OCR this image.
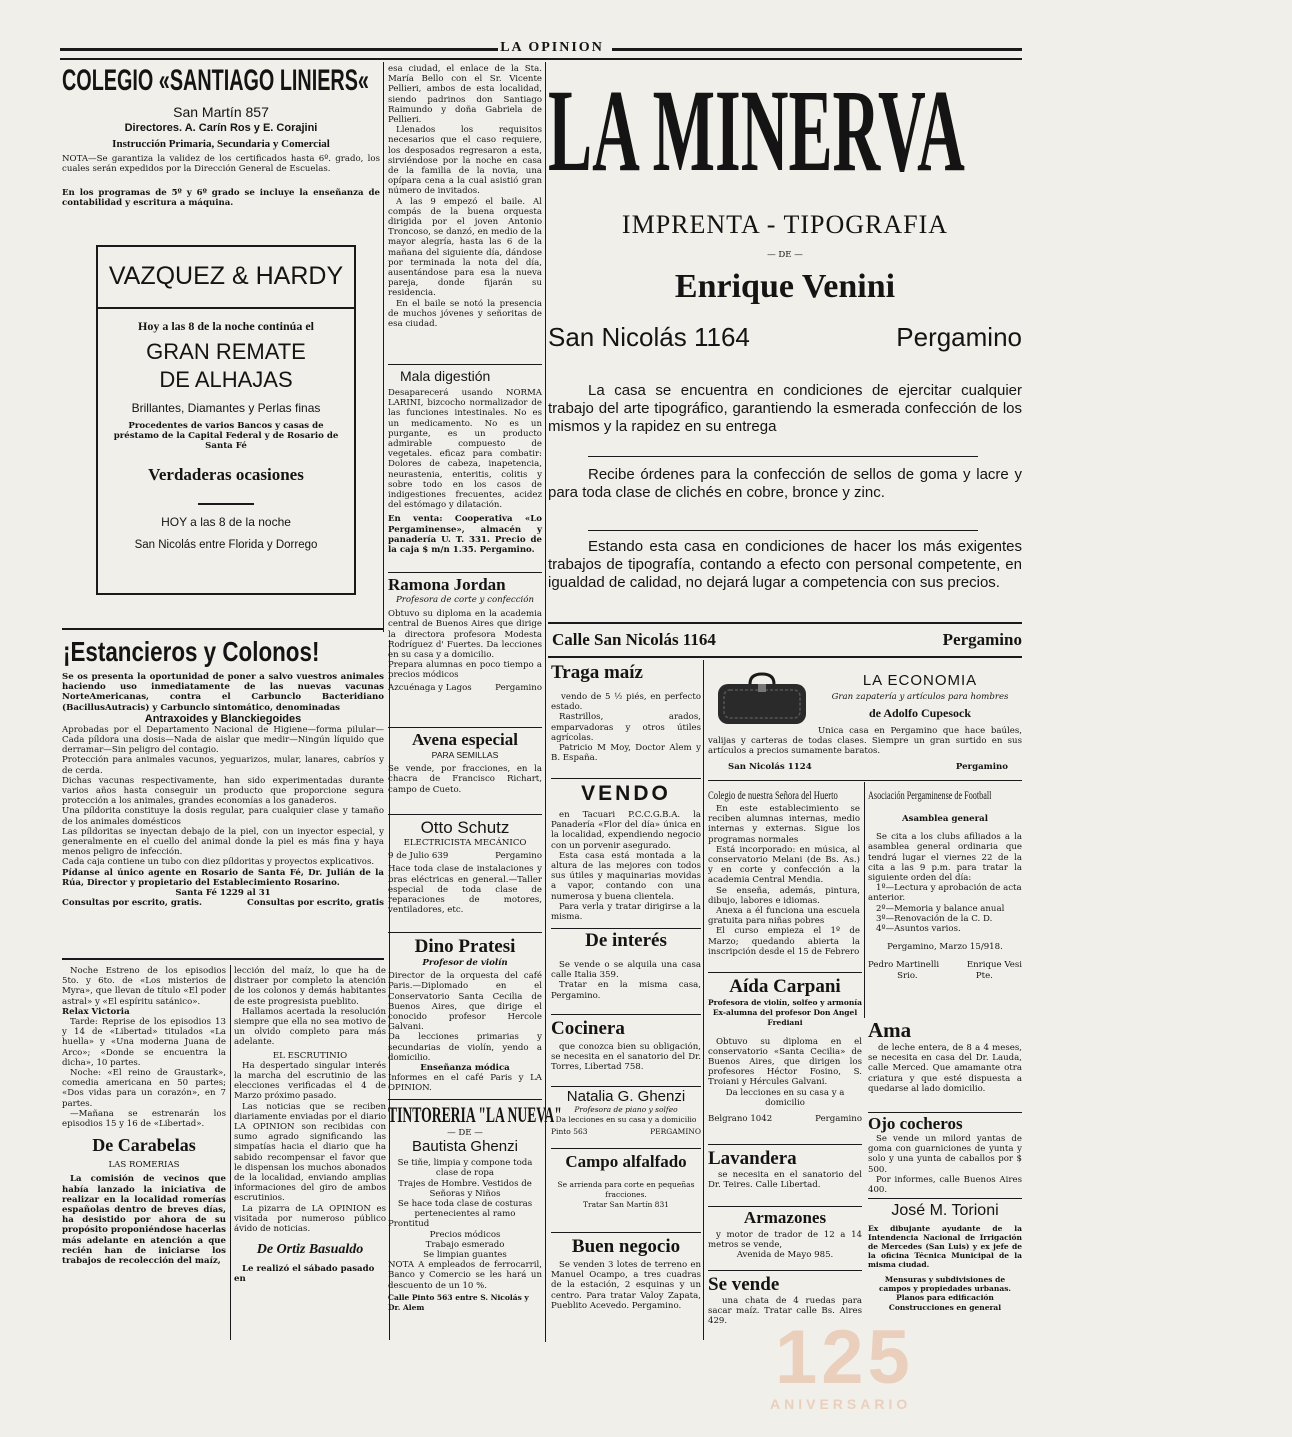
LA OPINION
COLEGIO «SANTIAGO LINIERS«
San Martín 857
Directores. A. Carín Ros y E. Corajini
Instrucción Primaria, Secundaria y Comercial
NOTA—Se garantiza la validez de los certificados hasta 6º. grado, los cuales serán expedidos por la Dirección General de Escuelas.
En los programas de 5º y 6º grado se incluye la enseñanza de contabilidad y escritura a máquina.
VAZQUEZ & HARDY
Hoy a las 8 de la noche continúa el
GRAN REMATE
DE ALHAJAS
Brillantes, Diamantes y Perlas finas
Procedentes de varios Bancos y casas de préstamo de la Capital Federal y de Rosario de Santa Fé
Verdaderas ocasiones
HOY a las 8 de la noche
San Nicolás entre Florida y Dorrego

esa ciudad, el enlace de la Sta. María Bello con el Sr. Vicente Pellieri, ambos de esta localidad, siendo padrinos don Santiago Raimundo y doña Gabriela de Pellieri.

Llenados los requisitos necesarios que el caso requiere, los desposados regresaron a esta, sirviéndose por la noche en casa de la familia de la novia, una opípara cena a la cual asistió gran número de invitados.

A las 9 empezó el baile. Al compás de la buena orquesta dirigida por el joven Antonio Troncoso, se danzó, en medio de la mayor alegría, hasta las 6 de la mañana del siguiente día, dándose por terminada la nota del día, ausentándose para esa la nueva pareja, donde fijarán su residencia.

En el baile se notó la presencia de muchos jóvenes y señoritas de esa ciudad.

Mala digestión

Desaparecerá usando NORMA LARINI, bizcocho normalizador de las funciones intestinales. No es un medicamento. No es un purgante, es un producto admirable compuesto de vegetales. eficaz para combatir: Dolores de cabeza, inapetencia, neurastenia, enteritis, colitis y sobre todo en los casos de indigestiones frecuentes, acidez del estómago y dilatación.

En venta: Cooperativa «Lo Pergaminense», almacén y panadería U. T. 331. Precio de la caja $ m/n 1.35. Pergamino.

Ramona Jordan
Profesora de corte y confección

Obtuvo su diploma en la academia central de Buenos Aires que dirige la directora profesora Modesta Rodríguez d' Fuertes. Da lecciones en su casa y a domicilio.

Prepara alumnas en poco tiempo a precios módicos

Azcuénaga y Lagos	Pergamino
Avena especial
PARA SEMILLAS

Se vende, por fracciones, en la chacra de Francisco Richart, campo de Cueto.

Otto Schutz
ELECTRICISTA MECÁNICO
9 de Julio 639	Pergamino

Hace toda clase de instalaciones y bras eléctricas en general.—Taller especial de toda clase de reparaciones de motores, ventiladores, etc.

Dino Pratesi
Profesor de violín

Director de la orquesta del café Paris.—Diplomado en el Conservatorio Santa Cecilia de Buenos Aires, que dirige el conocido profesor Hercole Galvani.

Da lecciones primarias y secundarias de violín, yendo a domicilio.

Enseñanza módica

Informes en el café Paris y LA OPINION.

TINTORERIA "LA NUEVA"
— DE —
Bautista Ghenzi

Se tiñe, limpia y compone toda clase de ropa

Trajes de Hombre. Vestidos de Señoras y Niños

Se hace toda clase de costuras pertenecientes al ramo

Prontitud

Precios módicos

Trabajo esmerado

Se limpian guantes

NOTA A empleados de ferrocarril, Banco y Comercio se les hará un descuento de un 10 %.

Calle Pinto 563 entre S. Nicolás y Dr. Alem

¡Estancieros y Colonos!

Se os presenta la oportunidad de poner a salvo vuestros animales haciendo uso inmediatamente de las nuevas vacunas NorteAmericanas, contra el Carbunclo Bacteridiano (BacillusAutracis) y Carbunclo sintomático, denominadas

Antraxoides y Blanckiegoides

Aprobadas por el Departamento Nacional de Higiene—forma pilular—Cada píldora una dosis—Nada de aislar que medir—Ningún líquido que derramar—Sin peligro del contagio.

Protección para animales vacunos, yeguarizos, mular, lanares, cabríos y de cerda.

Dichas vacunas respectivamente, han sido experimentadas durante varios años hasta conseguir un producto que proporcione segura protección a los animales, grandes economías a los ganaderos.

Una píldorita constituye la dosis regular, para cualquier clase y tamaño de los animales domésticos

Las píldoritas se inyectan debajo de la piel, con un inyector especial, y generalmente en el cuello del animal donde la piel es más fina y haya menos peligro de infección.

Cada caja contiene un tubo con diez píldoritas y proyectos explicativos.

Pídanse al único agente en Rosario de Santa Fé, Dr. Julián de la Rúa, Director y propietario del Establecimiento Rosarino.

Santa Fé 1229 al 31
Consultas por escrito, gratis.	Consultas por escrito, gratis

Noche Estreno de los episodios 5to. y 6to. de «Los misterios de Myra», que llevan de título «El poder astral» y «El espíritu satánico».

Relax Victoria

Tarde: Reprise de los episodios 13 y 14 de «Libertad» titulados «La huella» y «Una moderna Juana de Arco»; «Donde se encuentra la dicha», 10 partes.

Noche: «El reino de Graustark», comedia americana en 50 partes; «Dos vidas para un corazón», en 7 partes.

—Mañana se estrenarán los episodios 15 y 16 de «Libertad».

De Carabelas
LAS ROMERIAS

La comisión de vecinos que había lanzado la iniciativa de realizar en la localidad romerías españolas dentro de breves días, ha desistido por ahora de su propósito proponiéndose hacerlas más adelante en atención a que recién han de iniciarse los trabajos de recolección del maíz,

lección del maíz, lo que ha de distraer por completo la atención de los colonos y demás habitantes de este progresista pueblito.

Hallamos acertada la resolución siempre que ella no sea motivo de un olvido completo para más adelante.

EL ESCRUTINIO

Ha despertado singular interés la marcha del escrutinio de las elecciones verificadas el 4 de Marzo próximo pasado.

Las noticias que se reciben diariamente enviadas por el diario LA OPINION son recibidas con sumo agrado significando las simpatías hacia el diario que ha sabido recompensar el favor que le dispensan los muchos abonados de la localidad, enviando amplias informaciones del giro de ambos escrutinios.

La pizarra de LA OPINION es visitada por numeroso público ávido de noticias.

De Ortiz Basualdo

Le realizó el sábado pasado en

LA MINERVA
IMPRENTA - TIPOGRAFIA
— DE —
Enrique Venini
San Nicolás 1164	Pergamino

La casa se encuentra en condiciones de ejercitar cualquier trabajo del arte tipográfico, garantiendo la esmerada confección de los mismos y la rapidez en su entrega

Recibe órdenes para la confección de sellos de goma y lacre y para toda clase de clichés en cobre, bronce y zinc.

Estando esta casa en condiciones de hacer los más exigentes trabajos de tipografía, contando a efecto con personal competente, en igualdad de calidad, no dejará lugar a competencia con sus precios.

Calle San Nicolás 1164	Pergamino
Traga maíz

vendo de 5 ½ piés, en perfecto estado.

Rastrillos, arados, emparvadoras y otros útiles agrícolas.

Patricio M Moy, Doctor Alem y B. España.

VENDO

en Tacuari P.C.C.G.B.A. la Panadería «Flor del día» única en la localidad, expendiendo negocio con un porvenir asegurado.

Esta casa está montada a la altura de las mejores con todos sus útiles y maquinarias movidas a vapor, contando con una numerosa y buena clientela.

Para verla y tratar dirigirse a la misma.

De interés

Se vende o se alquila una casa calle Italia 359.

Tratar en la misma casa, Pergamino.

Cocinera

que conozca bien su obligación, se necesita en el sanatorio del Dr. Torres, Libertad 758.

Natalia G. Ghenzi
Profesora de piano y solfeo
Da lecciones en su casa y a domicilio
Pinto 563	PERGAMINO
Campo alfalfado

Se arrienda para corte en pequeñas fracciones.

Tratar San Martín 831

Buen negocio

Se venden 3 lotes de terreno en Manuel Ocampo, a tres cuadras de la estación, 2 esquinas y un centro. Para tratar Valoy Zapata, Pueblito Acevedo. Pergamino.

LA ECONOMIA
Gran zapatería y artículos para hombres
de Adolfo Cupesock

Unica casa en Pergamino que hace baúles, valijas y carteras de todas clases. Siempre un gran surtido en sus artículos a precios sumamente baratos.

San Nicolás 1124	Pergamino
Colegio de nuestra Señora del Huerto

En este establecimiento se reciben alumnas internas, medio internas y externas. Sigue los programas normales

Está incorporado: en música, al conservatorio Melani (de Bs. As.) y en corte y confección a la academia Central Mendia.

Se enseña, además, pintura, dibujo, labores e idiomas.

Anexa a él funciona una escuela gratuita para niñas pobres

El curso empieza el 1º de Marzo; quedando abierta la inscripción desde el 15 de Febrero

Asociación Pergaminense de Football
Asamblea general

Se cita a los clubs afiliados a la asamblea general ordinaria que tendrá lugar el viernes 22 de la cita a las 9 p.m. para tratar la siguiente orden del día:

1º—Lectura y aprobación de acta anterior.

2º—Memoria y balance anual

3º—Renovación de la C. D.

4º—Asuntos varios.

Pergamino, Marzo 15/918.

Pedro Martinelli	Enrique Vesi
Srio.	Pte.
Aída Carpani
Profesora de violín, solfeo y armonía
Ex-alumna del profesor Don Angel Frediani

Obtuvo su diploma en el conservatorio «Santa Cecilia» de Buenos Aires, que dirigen los profesores Héctor Fosino, S. Troiani y Hércules Galvani.

Da lecciones en su casa y a domicilio

Belgrano 1042	Pergamino
Lavandera

se necesita en el sanatorio del Dr. Teires. Calle Libertad.

Armazones

y motor de trador de 12 a 14 metros se vende,

Avenida de Mayo 985.

Se vende

una chata de 4 ruedas para sacar maíz. Tratar calle Bs. Aires 429.

Ama

de leche entera, de 8 a 4 meses, se necesita en casa del Dr. Lauda, calle Merced. Que amamante otra criatura y que esté dispuesta a quedarse al lado domicilio.

Ojo cocheros

Se vende un milord yantas de goma con guarniciones de yunta y solo y una yunta de caballos por $ 500.

Por informes, calle Buenos Aires 400.

José M. Torioni

Ex dibujante ayudante de la Intendencia Nacional de Irrigación de Mercedes (San Luis) y ex jefe de la oficina Técnica Municipal de la misma ciudad.

Mensuras y subdivisiones de campos y propiedades urbanas.

Planos para edificación

Construcciones en general

125
ANIVERSARIO
